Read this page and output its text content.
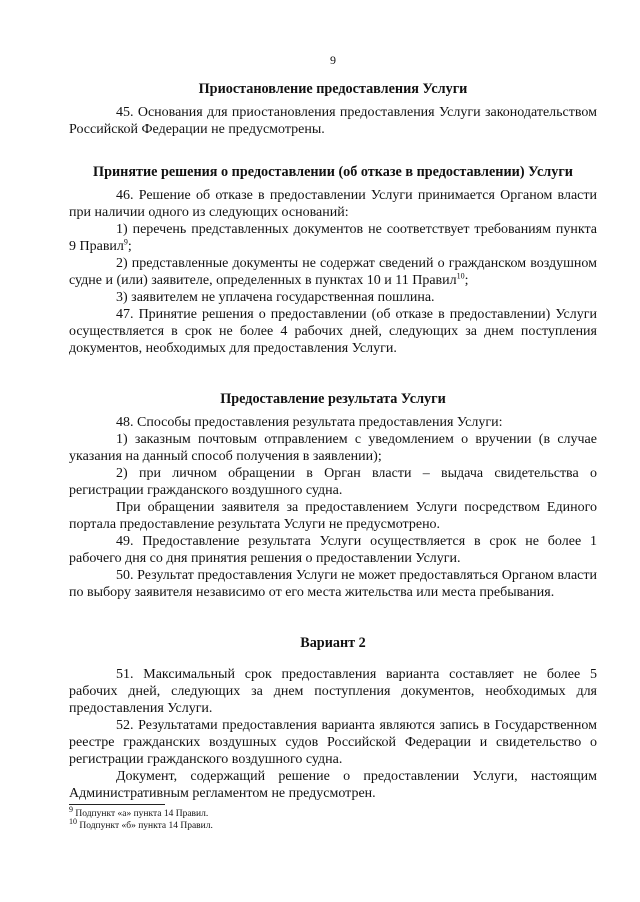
9
Приостановление предоставления Услуги

45. Основания для приостановления предоставления Услуги законодательством Российской Федерации не предусмотрены.

Принятие решения о предоставлении (об отказе в предоставлении) Услуги

46. Решение об отказе в предоставлении Услуги принимается Органом власти при наличии одного из следующих оснований:

1) перечень представленных документов не соответствует требованиям пункта 9 Правил$^9$;

2) представленные документы не содержат сведений о гражданском воздушном судне и (или) заявителе, определенных в пунктах 10 и 11 Правил$^{10}$;

3) заявителем не уплачена государственная пошлина.

47. Принятие решения о предоставлении (об отказе в предоставлении) Услуги осуществляется в срок не более 4 рабочих дней, следующих за днем поступления документов, необходимых для предоставления Услуги.

Предоставление результата Услуги

48. Способы предоставления результата предоставления Услуги:

1) заказным почтовым отправлением с уведомлением о вручении (в случае указания на данный способ получения в заявлении);

2) при личном обращении в Орган власти – выдача свидетельства о регистрации гражданского воздушного судна.

При обращении заявителя за предоставлением Услуги посредством Единого портала предоставление результата Услуги не предусмотрено.

49. Предоставление результата Услуги осуществляется в срок не более 1 рабочего дня со дня принятия решения о предоставлении Услуги.

50. Результат предоставления Услуги не может предоставляться Органом власти по выбору заявителя независимо от его места жительства или места пребывания.

Вариант 2

51. Максимальный срок предоставления варианта составляет не более 5 рабочих дней, следующих за днем поступления документов, необходимых для предоставления Услуги.

52. Результатами предоставления варианта являются запись в Государственном реестре гражданских воздушных судов Российской Федерации и свидетельство о регистрации гражданского воздушного судна.

Документ, содержащий решение о предоставлении Услуги, настоящим Административным регламентом не предусмотрен.

$^9$ Подпункт «а» пункта 14 Правил.

$^{10}$ Подпункт «б» пункта 14 Правил.
